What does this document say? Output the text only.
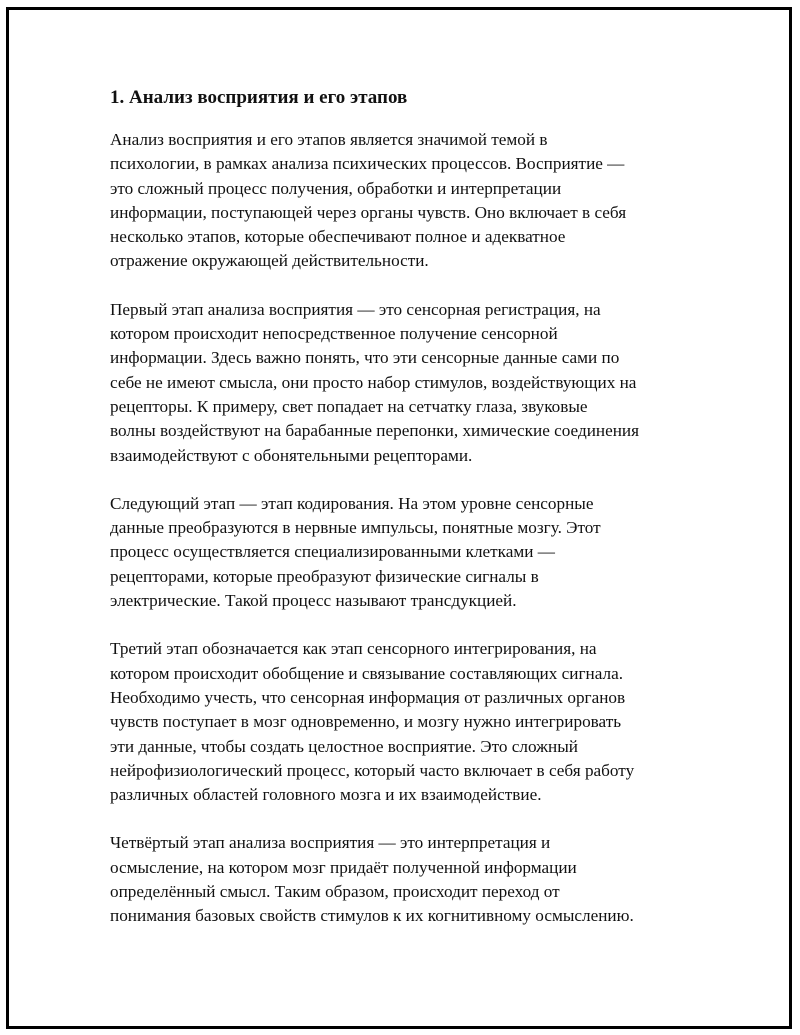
1. Анализ восприятия и его этапов

Анализ восприятия и его этапов является значимой темой в
психологии, в рамках анализа психических процессов. Восприятие —
это сложный процесс получения, обработки и интерпретации
информации, поступающей через органы чувств. Оно включает в себя
несколько этапов, которые обеспечивают полное и адекватное
отражение окружающей действительности.

Первый этап анализа восприятия — это сенсорная регистрация, на
котором происходит непосредственное получение сенсорной
информации. Здесь важно понять, что эти сенсорные данные сами по
себе не имеют смысла, они просто набор стимулов, воздействующих на
рецепторы. К примеру, свет попадает на сетчатку глаза, звуковые
волны воздействуют на барабанные перепонки, химические соединения
взаимодействуют с обонятельными рецепторами.

Следующий этап — этап кодирования. На этом уровне сенсорные
данные преобразуются в нервные импульсы, понятные мозгу. Этот
процесс осуществляется специализированными клетками —
рецепторами, которые преобразуют физические сигналы в
электрические. Такой процесс называют трансдукцией.

Третий этап обозначается как этап сенсорного интегрирования, на
котором происходит обобщение и связывание составляющих сигнала.
Необходимо учесть, что сенсорная информация от различных органов
чувств поступает в мозг одновременно, и мозгу нужно интегрировать
эти данные, чтобы создать целостное восприятие. Это сложный
нейрофизиологический процесс, который часто включает в себя работу
различных областей головного мозга и их взаимодействие.

Четвёртый этап анализа восприятия — это интерпретация и
осмысление, на котором мозг придаёт полученной информации
определённый смысл. Таким образом, происходит переход от
понимания базовых свойств стимулов к их когнитивному осмыслению.
